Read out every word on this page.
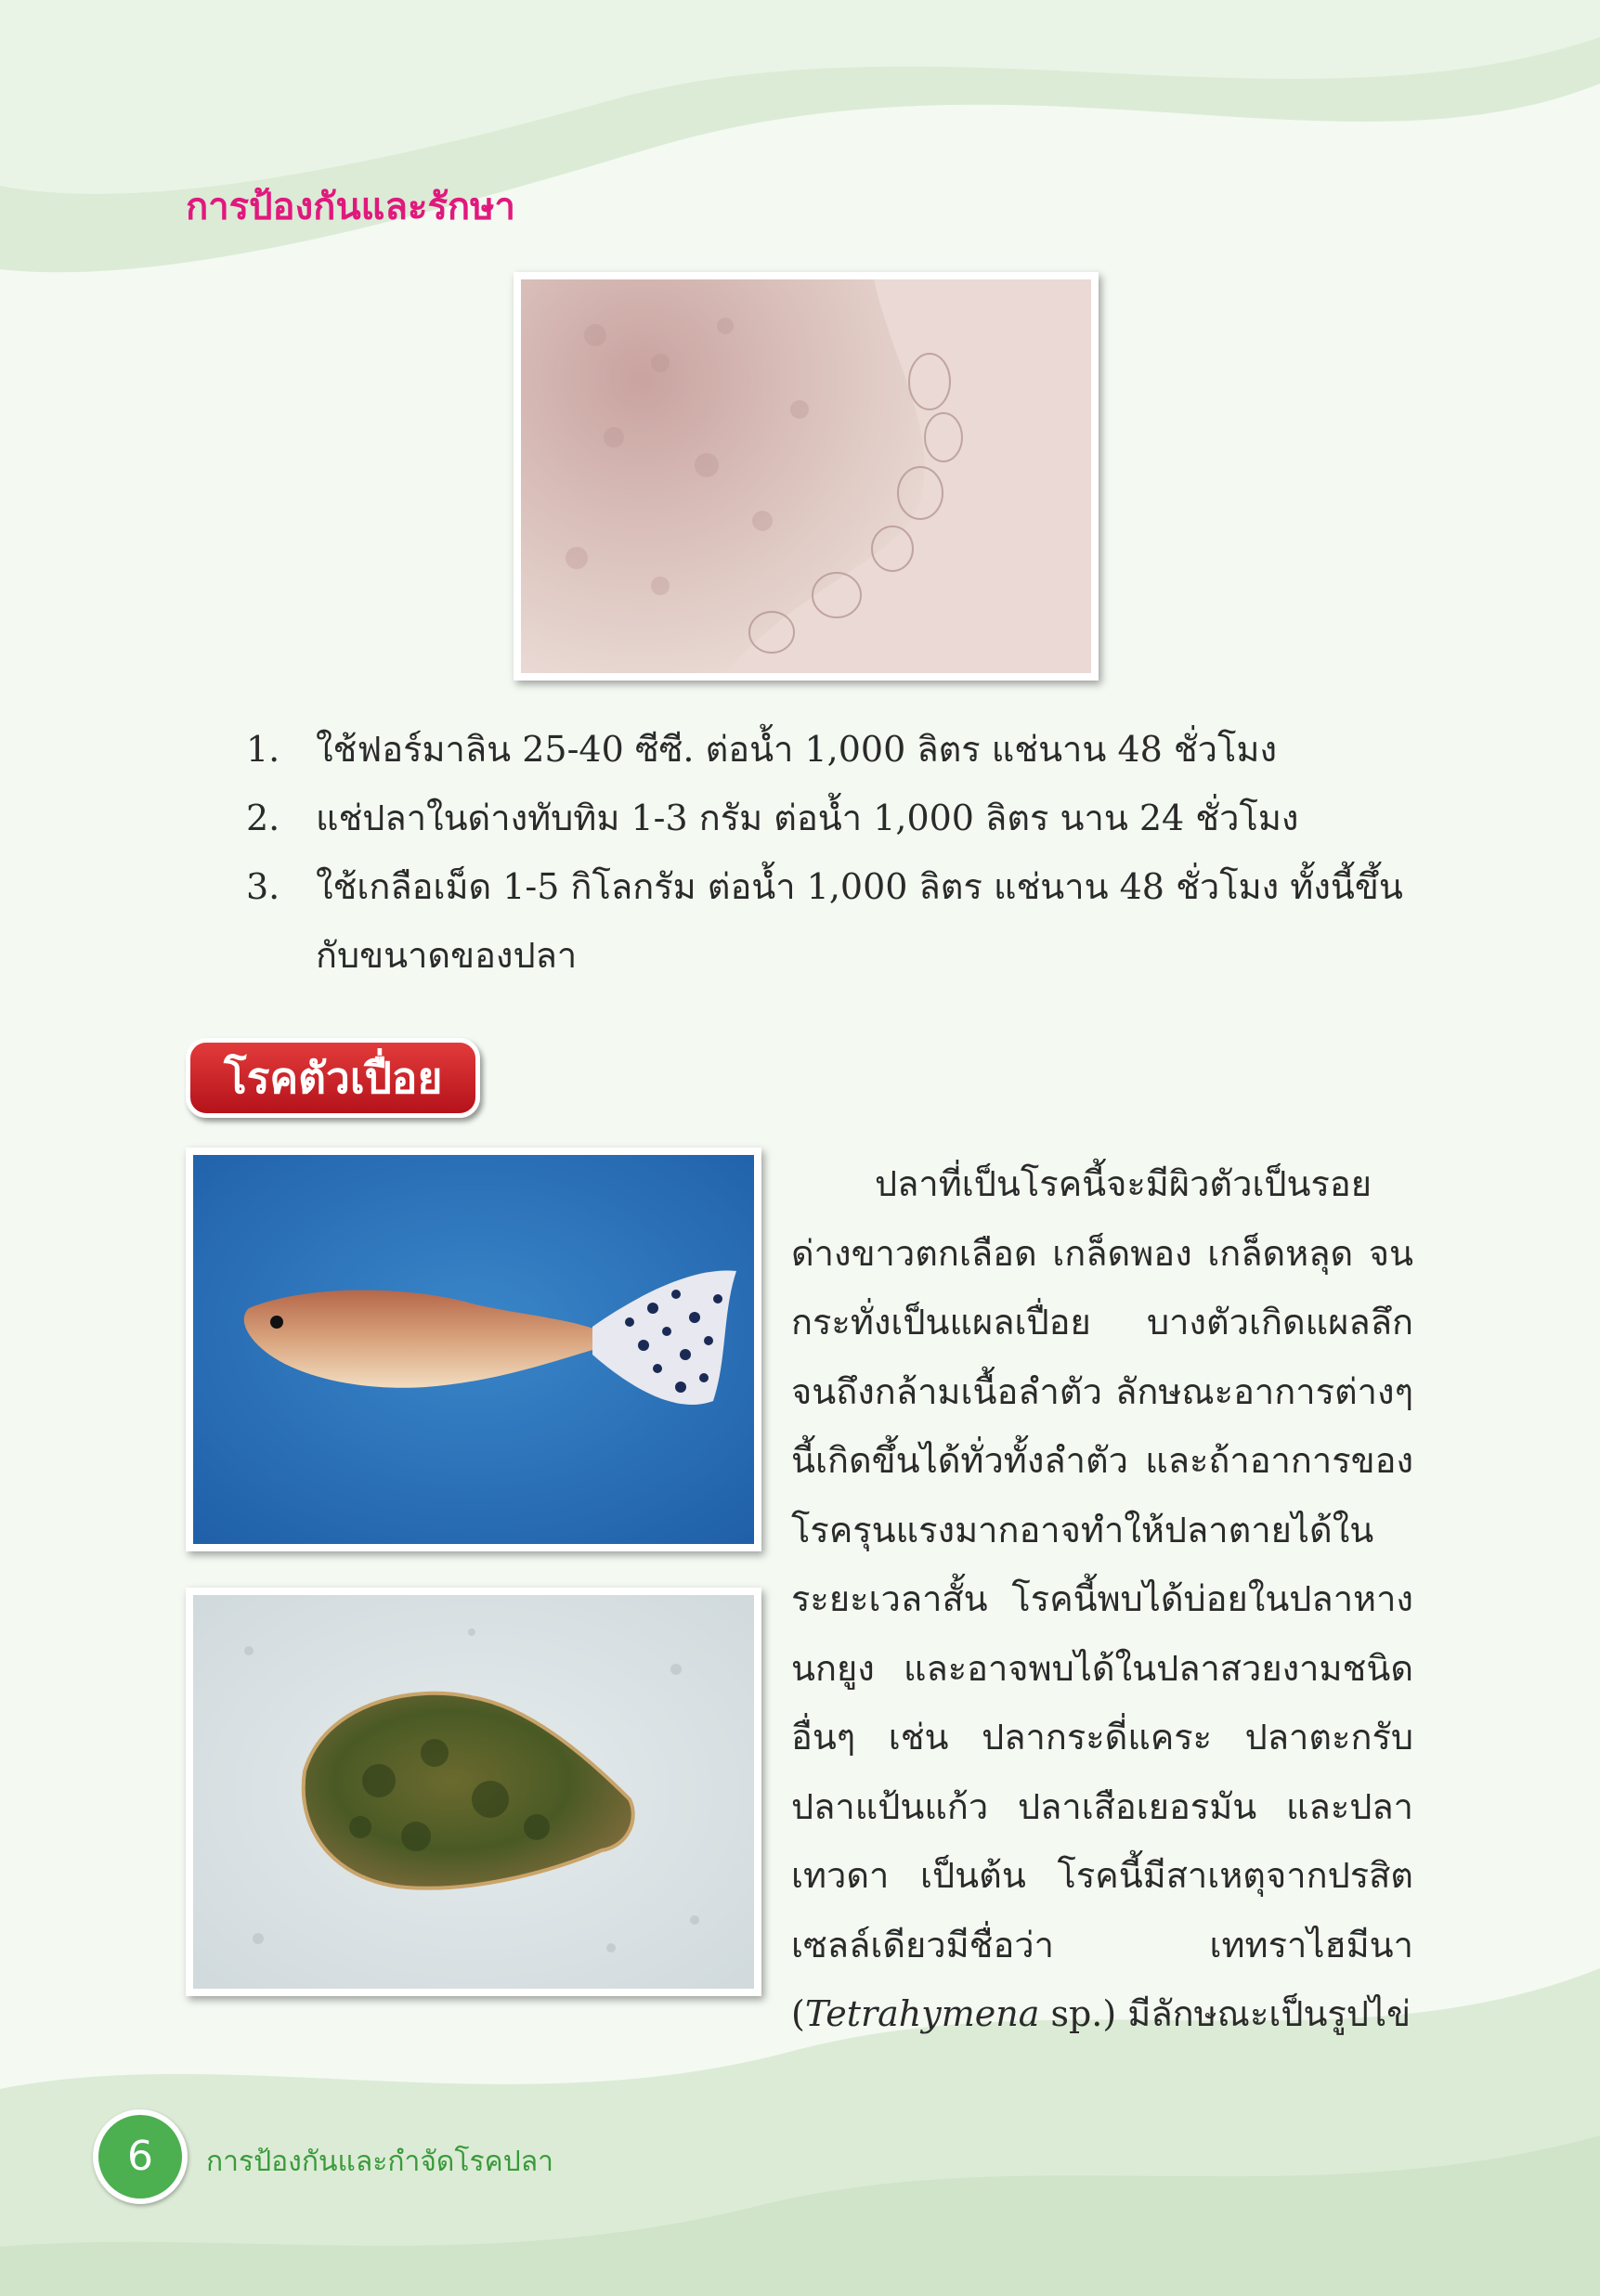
การป้องกันและรักษา
1. ใช้ฟอร์มาลิน 25-40 ซีซี. ต่อน้ำ 1,000 ลิตร แช่นาน 48 ชั่วโมง
2. แช่ปลาในด่างทับทิม 1-3 กรัม ต่อน้ำ 1,000 ลิตร นาน 24 ชั่วโมง
3. ใช้เกลือเม็ด 1-5 กิโลกรัม ต่อน้ำ 1,000 ลิตร แช่นาน 48 ชั่วโมง ทั้งนี้ขึ้นกับขนาดของปลา
โรคตัวเปื่อย

ปลาที่เป็นโรคนี้จะมีผิวตัวเป็นรอยด่างขาวตกเลือด เกล็ดพอง เกล็ดหลุด จนกระทั่งเป็นแผลเปื่อย บางตัวเกิดแผลลึกจนถึงกล้ามเนื้อลำตัว ลักษณะอาการต่างๆ นี้เกิดขึ้นได้ทั่วทั้งลำตัว และถ้าอาการของโรครุนแรงมากอาจทำให้ปลาตายได้ในระยะเวลาสั้น โรคนี้พบได้บ่อยในปลาหางนกยูง และอาจพบได้ในปลาสวยงามชนิดอื่นๆ เช่น ปลากระดี่แคระ ปลาตะกรับ ปลาแป้นแก้ว ปลาเสือเยอรมัน และปลาเทวดา เป็นต้น โรคนี้มีสาเหตุจากปรสิตเซลล์เดียวมีชื่อว่า เททราไฮมีนา (Tetrahymena sp.) มีลักษณะเป็นรูปไข่

6	การป้องกันและกำจัดโรคปลา
